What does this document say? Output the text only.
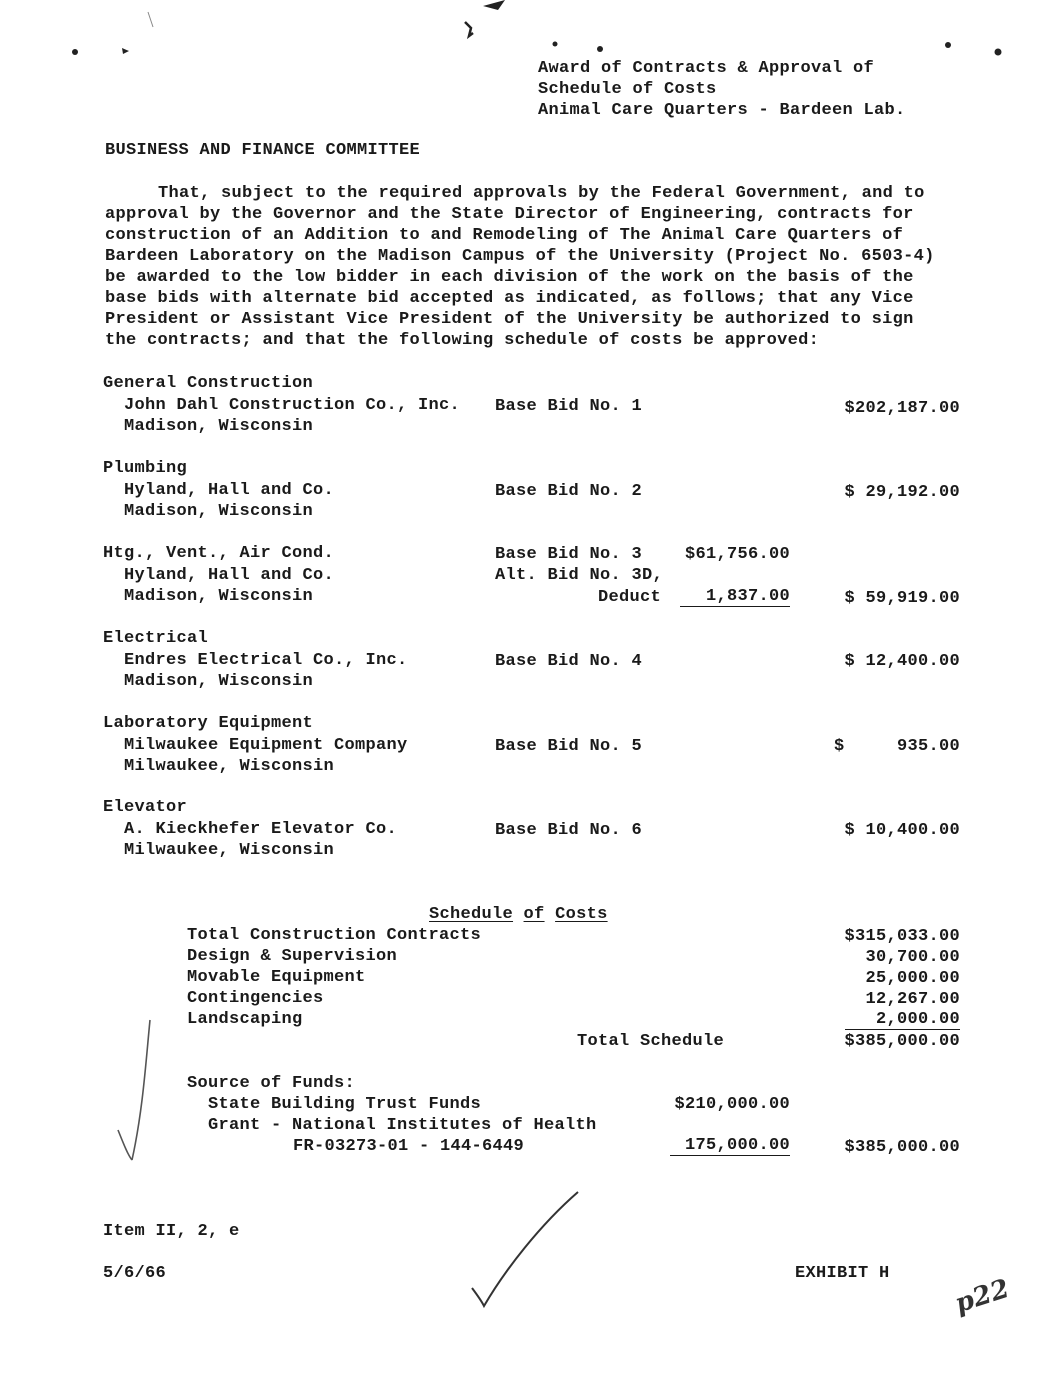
Award of Contracts & Approval of
Schedule of Costs
Animal Care Quarters - Bardeen Lab.
BUSINESS AND FINANCE COMMITTEE
That, subject to the required approvals by the Federal Government, and to approval by the Governor and the State Director of Engineering, contracts for construction of an Addition to and Remodeling of The Animal Care Quarters of Bardeen Laboratory on the Madison Campus of the University (Project No. 6503-4) be awarded to the low bidder in each division of the work on the basis of the base bids with alternate bid accepted as indicated, as follows; that any Vice President or Assistant Vice President of the University be authorized to sign the contracts; and that the following schedule of costs be approved:
General Construction
John Dahl Construction Co., Inc.
Madison, Wisconsin
Base Bid No. 1	$202,187.00
Plumbing
Hyland, Hall and Co.
Madison, Wisconsin
Base Bid No. 2	$ 29,192.00
Htg., Vent., Air Cond.
Hyland, Hall and Co.
Madison, Wisconsin
Base Bid No. 3	$61,756.00
Alt. Bid No. 3D,
Deduct	1,837.00	$ 59,919.00
Electrical
Endres Electrical Co., Inc.
Madison, Wisconsin
Base Bid No. 4	$ 12,400.00
Laboratory Equipment
Milwaukee Equipment Company
Milwaukee, Wisconsin
Base Bid No. 5	$     935.00
Elevator
A. Kieckhefer Elevator Co.
Milwaukee, Wisconsin
Base Bid No. 6	$ 10,400.00

Schedule of Costs

Total Construction Contracts	$315,033.00
Design & Supervision	30,700.00
Movable Equipment	25,000.00
Contingencies	12,267.00
Landscaping	2,000.00
Total Schedule	$385,000.00
Source of Funds:
State Building Trust Funds	$210,000.00
Grant - National Institutes of Health
FR-03273-01 - 144-6449	175,000.00	$385,000.00
Item II, 2, e
5/6/66	EXHIBIT H
p22
